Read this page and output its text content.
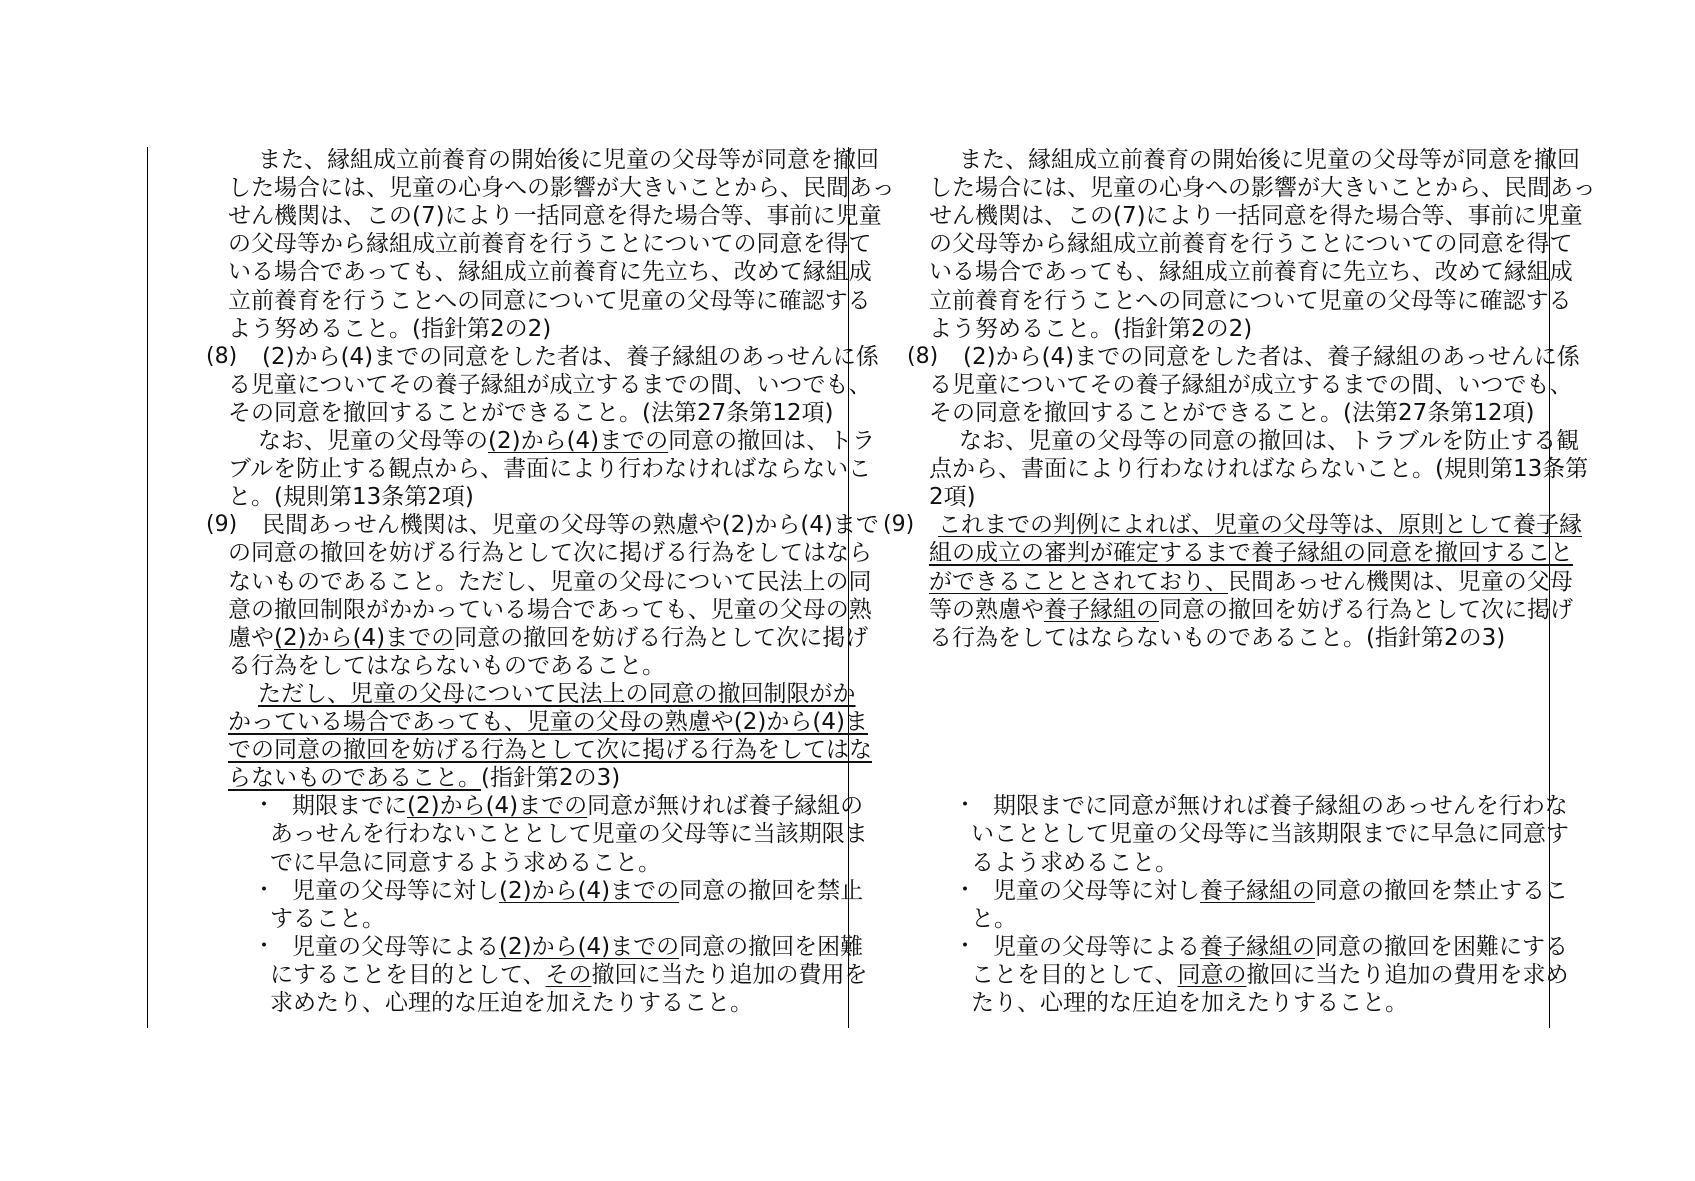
また、縁組成立前養育の開始後に児童の父母等が同意を撤回
した場合には、児童の心身への影響が大きいことから、民間あっ
せん機関は、この(7)により一括同意を得た場合等、事前に児童
の父母等から縁組成立前養育を行うことについての同意を得て
いる場合であっても、縁組成立前養育に先立ち、改めて縁組成
立前養育を行うことへの同意について児童の父母等に確認する
よう努めること。(指針第2の2)
(8) (2)から(4)までの同意をした者は、養子縁組のあっせんに係
る児童についてその養子縁組が成立するまでの間、いつでも、
その同意を撤回することができること。(法第27条第12項)
なお、児童の父母等の(2)から(4)までの同意の撤回は、トラ
ブルを防止する観点から、書面により行わなければならないこ
と。(規則第13条第2項)
(9) 民間あっせん機関は、児童の父母等の熟慮や(2)から(4)まで
の同意の撤回を妨げる行為として次に掲げる行為をしてはなら
ないものであること。ただし、児童の父母について民法上の同
意の撤回制限がかかっている場合であっても、児童の父母の熟
慮や(2)から(4)までの同意の撤回を妨げる行為として次に掲げ
る行為をしてはならないものであること。
ただし、児童の父母について民法上の同意の撤回制限がか
かっている場合であっても、児童の父母の熟慮や(2)から(4)ま
での同意の撤回を妨げる行為として次に掲げる行為をしてはな
らないものであること。(指針第2の3)
・ 期限までに(2)から(4)までの同意が無ければ養子縁組の
あっせんを行わないこととして児童の父母等に当該期限ま
でに早急に同意するよう求めること。
・ 児童の父母等に対し(2)から(4)までの同意の撤回を禁止
すること。
・ 児童の父母等による(2)から(4)までの同意の撤回を困難
にすることを目的として、その撤回に当たり追加の費用を
求めたり、心理的な圧迫を加えたりすること。
また、縁組成立前養育の開始後に児童の父母等が同意を撤回
した場合には、児童の心身への影響が大きいことから、民間あっ
せん機関は、この(7)により一括同意を得た場合等、事前に児童
の父母等から縁組成立前養育を行うことについての同意を得て
いる場合であっても、縁組成立前養育に先立ち、改めて縁組成
立前養育を行うことへの同意について児童の父母等に確認する
よう努めること。(指針第2の2)
(8) (2)から(4)までの同意をした者は、養子縁組のあっせんに係
る児童についてその養子縁組が成立するまでの間、いつでも、
その同意を撤回することができること。(法第27条第12項)
なお、児童の父母等の同意の撤回は、トラブルを防止する観
点から、書面により行わなければならないこと。(規則第13条第
2項)
(9) これまでの判例によれば、児童の父母等は、原則として養子縁
組の成立の審判が確定するまで養子縁組の同意を撤回すること
ができることとされており、民間あっせん機関は、児童の父母
等の熟慮や養子縁組の同意の撤回を妨げる行為として次に掲げ
る行為をしてはならないものであること。(指針第2の3)
・ 期限までに同意が無ければ養子縁組のあっせんを行わな
いこととして児童の父母等に当該期限までに早急に同意す
るよう求めること。
・ 児童の父母等に対し養子縁組の同意の撤回を禁止するこ
と。
・ 児童の父母等による養子縁組の同意の撤回を困難にする
ことを目的として、同意の撤回に当たり追加の費用を求め
たり、心理的な圧迫を加えたりすること。
